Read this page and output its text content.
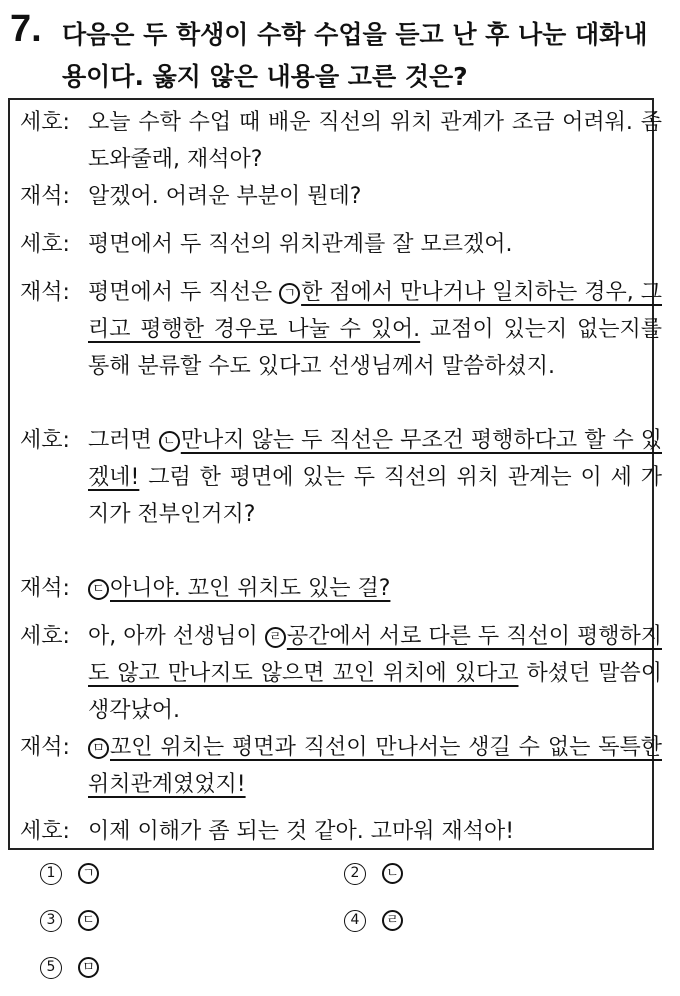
7. 다음은 두 학생이 수학 수업을 듣고 난 후 나눈 대화내용이다. 옳지 않은 내용을 고른 것은?
세호: 오늘 수학 수업 때 배운 직선의 위치 관계가 조금 어려워. 좀 도와줄래, 재석아?
재석: 알겠어. 어려운 부분이 뭔데?
세호: 평면에서 두 직선의 위치관계를 잘 모르겠어.
재석: 평면에서 두 직선은 ㄱ 한 점에서 만나거나 일치하는 경우, 그리고 평행한 경우로 나눌 수 있어. 교점이 있는지 없는지를 통해 분류할 수도 있다고 선생님께서 말씀하셨지.
세호: 그러면 ㄴ 만나지 않는 두 직선은 무조건 평행하다고 할 수 있겠네! 그럼 한 평면에 있는 두 직선의 위치 관계는 이 세 가지가 전부인거지?
재석:	ㄷ 아니야. 꼬인 위치도 있는 걸?
세호: 아, 아까 선생님이 ㄹ 공간에서 서로 다른 두 직선이 평행하지도 않고 만나지도 않으면 꼬인 위치에 있다고 하셨던 말씀이 생각났어.
재석:	ㅁ 꼬인 위치는 평면과 직선이 만나서는 생길 수 없는 독특한 위치관계였었지!
세호: 이제 이해가 좀 되는 것 같아. 고마워 재석아!
1 ㄱ	2 ㄴ
3 ㄷ	4 ㄹ
5 ㅁ
